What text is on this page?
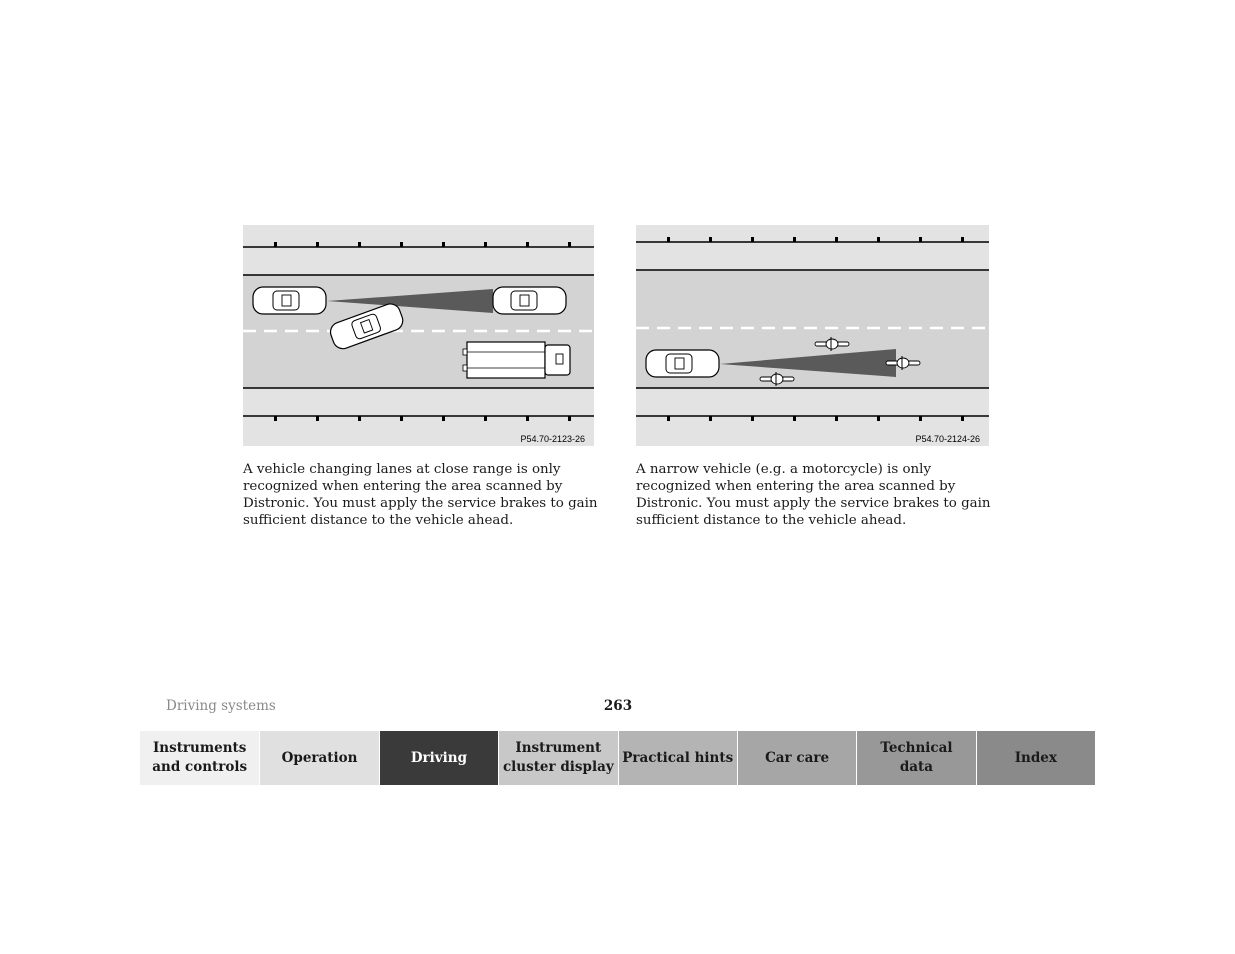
P54.70-2123-26	P54.70-2124-26

A vehicle changing lanes at close range is only recognized when entering the area scanned by Distronic. You must apply the service brakes to gain sufficient distance to the vehicle ahead.

A narrow vehicle (e.g. a motorcycle) is only recognized when entering the area scanned by Distronic. You must apply the service brakes to gain sufficient distance to the vehicle ahead.

Driving systems	263
Instruments
and controls
Operation	Driving
Instrument
cluster display
Practical hints	Car care
Technical
data
Index
